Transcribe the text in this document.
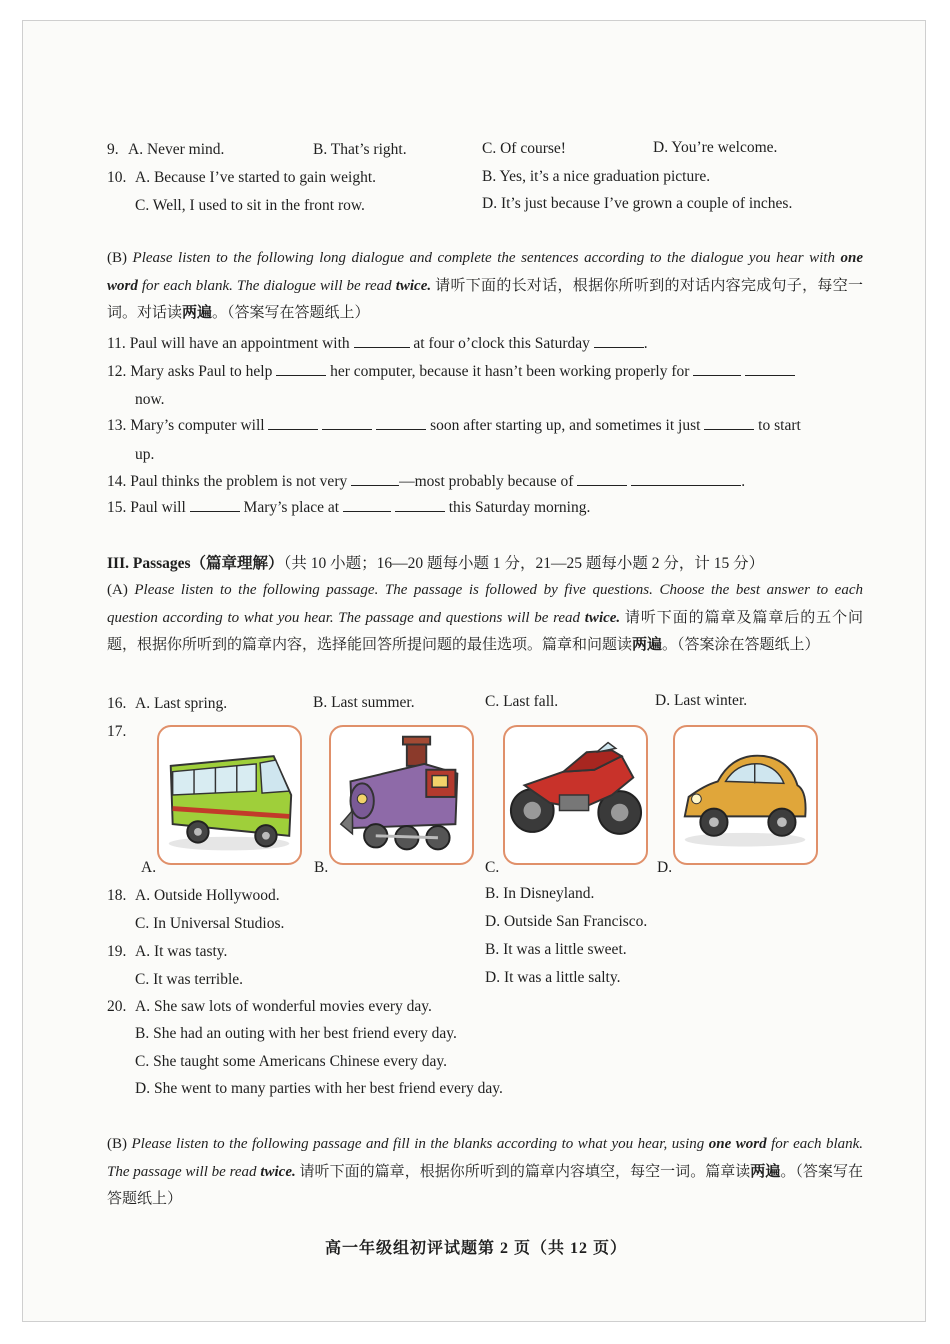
9. A. Never mind.	B. That’s right.	C. Of course!	D. You’re welcome.
10. A. Because I’ve started to gain weight.	B. Yes, it’s a nice graduation picture.
C. Well, I used to sit in the front row.	D. It’s just because I’ve grown a couple of inches.
(B) Please listen to the following long dialogue and complete the sentences according to the dialogue you hear with one word for each blank. The dialogue will be read twice. 请听下面的长对话，根据你所听到的对话内容完成句子，每空一词。对话读两遍。（答案写在答题纸上）
11. Paul will have an appointment with	at four o’clock this Saturday	.
12. Mary asks Paul to help	her computer, because it hasn’t been working properly for
now.
13. Mary’s computer will	soon after starting up, and sometimes it just	to start
up.
14. Paul thinks the problem is not very	—most probably because of	.
15. Paul will	Mary’s place at	this Saturday morning.
III. Passages（篇章理解）（共 10 小题；16—20 题每小题 1 分，21—25 题每小题 2 分，计 15 分）
(A) Please listen to the following passage. The passage is followed by five questions. Choose the best answer to each question according to what you hear. The passage and questions will be read twice. 请听下面的篇章及篇章后的五个问题，根据你所听到的篇章内容，选择能回答所提问题的最佳选项。篇章和问题读两遍。（答案涂在答题纸上）
16. A. Last spring.	B. Last summer.	C. Last fall.	D. Last winter.
17.
A.	B.	C.	D.
18. A. Outside Hollywood.	B. In Disneyland.
C. In Universal Studios.	D. Outside San Francisco.
19. A. It was tasty.	B. It was a little sweet.
C. It was terrible.	D. It was a little salty.
20. A. She saw lots of wonderful movies every day.
B. She had an outing with her best friend every day.
C. She taught some Americans Chinese every day.
D. She went to many parties with her best friend every day.
(B) Please listen to the following passage and fill in the blanks according to what you hear, using one word for each blank. The passage will be read twice. 请听下面的篇章，根据你所听到的篇章内容填空，每空一词。篇章读两遍。（答案写在答题纸上）
高一年级组初评试题第 2 页（共 12 页）
